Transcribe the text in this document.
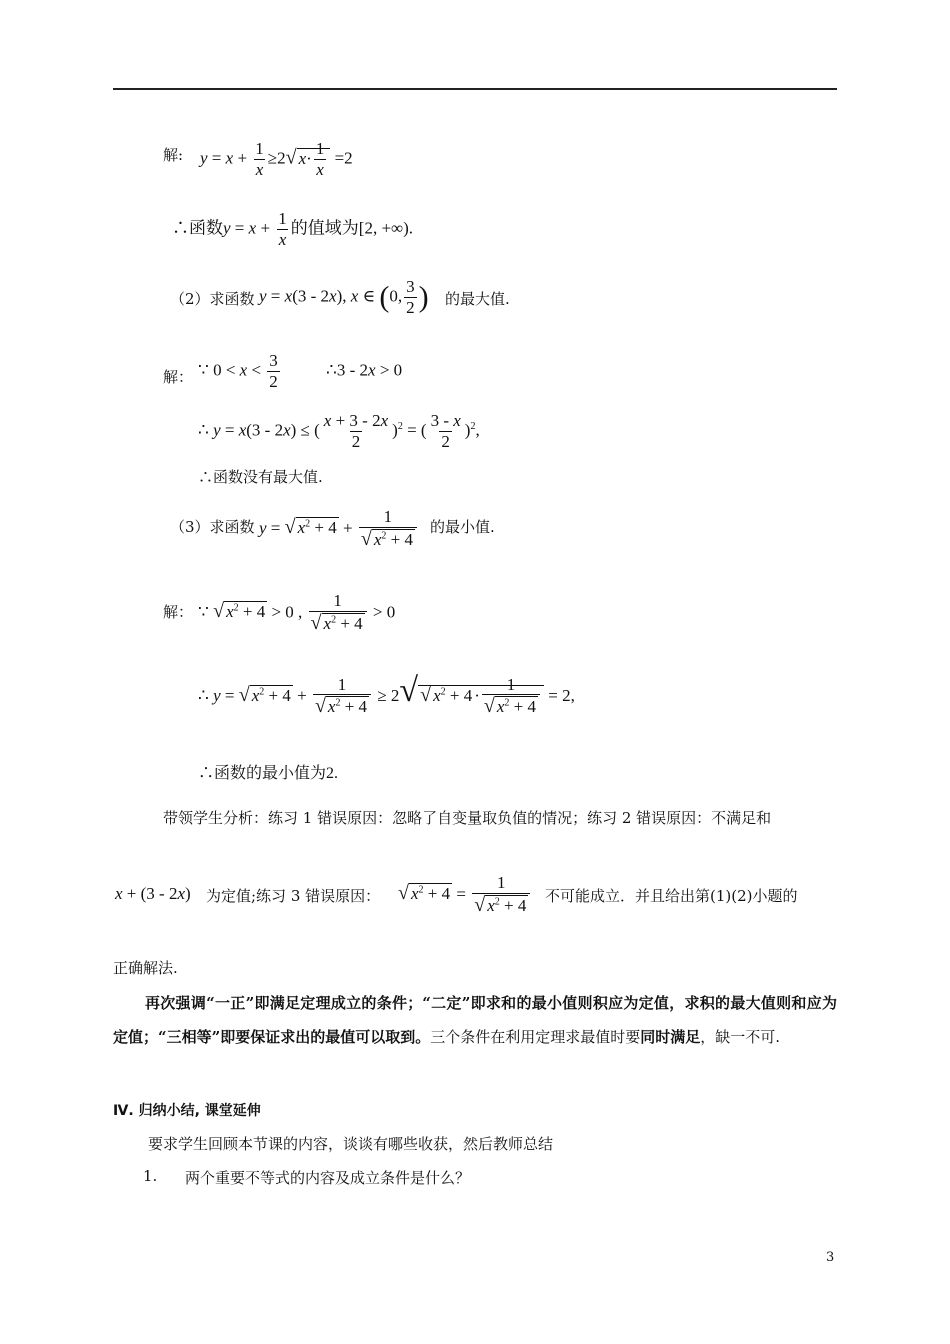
解: $y = x + \frac{1}{x} \ge 2√$ $x\cdot \frac{1}{x} =2$
∴函数$y = x + \frac{1}{x}$ 的值域为[2, +∞).
（2）求函数 y = x(3 - 2x), x ∈ (0, $\frac{3}{2}$ ) 的最大值.
解： ∵ $0 < x < \frac{3}{2}$	∴3 - 2x > 0
∴ y = x(3 - 2x) ≤ ( $\frac{x + 3 - 2x}{2} )^2$ = ( $\frac{3 - x}{2} )^2$,
∴函数没有最大值.
（3）求函数 y = √ $x^2 + 4 + \frac{1}{√ x^2 + 4}$ 的最小值.
解： ∵ √ $x^2 + 4 > 0$ , $\frac{1}{√ x^2 + 4} > 0$
∴ y = √ $x^2 + 4 + \frac{1}{√ x^2 + 4} \ge 2√$ √ $x^2 + 4 \cdot \frac{1}{√ x^2 + 4} = 2$,
∴函数的最小值为2.
带领学生分析：练习 1 错误原因：忽略了自变量取负值的情况；练习 2 错误原因：不满足和
x + (3 - 2x) 为定值;练习 3 错误原因： √ $x^2 + 4 = \frac{1}{√ x^2 + 4}$ 不可能成立．并且给出第(1)(2)小题的
正确解法.
再次强调“一正”即满足定理成立的条件；“二定”即求和的最小值则积应为定值，求积的最大值则和应为定值；“三相等”即要保证求出的最值可以取到。三个条件在利用定理求最值时要同时满足，缺一不可.
Ⅳ. 归纳小结, 课堂延伸
要求学生回顾本节课的内容，谈谈有哪些收获，然后教师总结
1. 两个重要不等式的内容及成立条件是什么？
3
